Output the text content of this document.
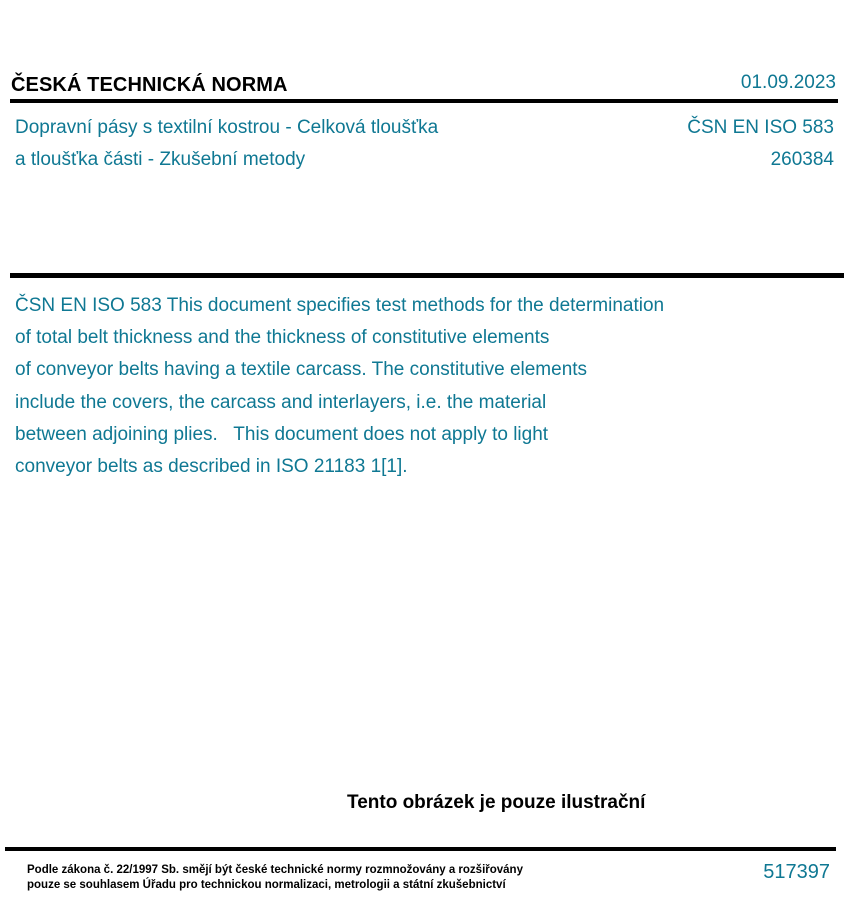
ČESKÁ TECHNICKÁ NORMA	01.09.2023
Dopravní pásy s textilní kostrou - Celková tloušťka
a tloušťka části - Zkušební metody
ČSN EN ISO 583
260384

ČSN EN ISO 583 This document specifies test methods for the determination

of total belt thickness and the thickness of constitutive elements

of conveyor belts having a textile carcass. The constitutive elements

include the covers, the carcass and interlayers, i.e. the material

between adjoining plies.   This document does not apply to light

conveyor belts as described in ISO 21183 1[1].

Tento obrázek je pouze ilustrační
Podle zákona č. 22/1997 Sb. smějí být české technické normy rozmnožovány a rozšiřovány
pouze se souhlasem Úřadu pro technickou normalizaci, metrologii a státní zkušebnictví
517397
